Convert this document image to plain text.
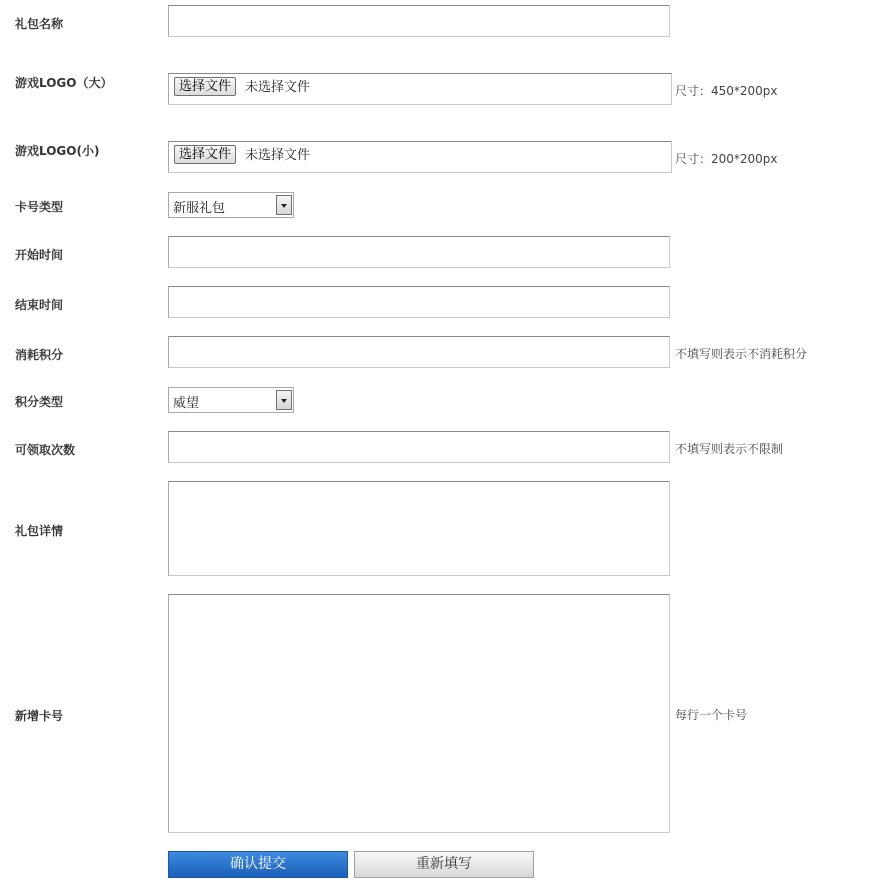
礼包名称
游戏LOGO（大）	选择文件	未选择文件	尺寸：450*200px
游戏LOGO(小)	选择文件	未选择文件	尺寸：200*200px
卡号类型	新服礼包
开始时间
结束时间
消耗积分	不填写则表示不消耗积分
积分类型	威望
可领取次数	不填写则表示不限制
礼包详情
新增卡号	每行一个卡号
确认提交	重新填写
